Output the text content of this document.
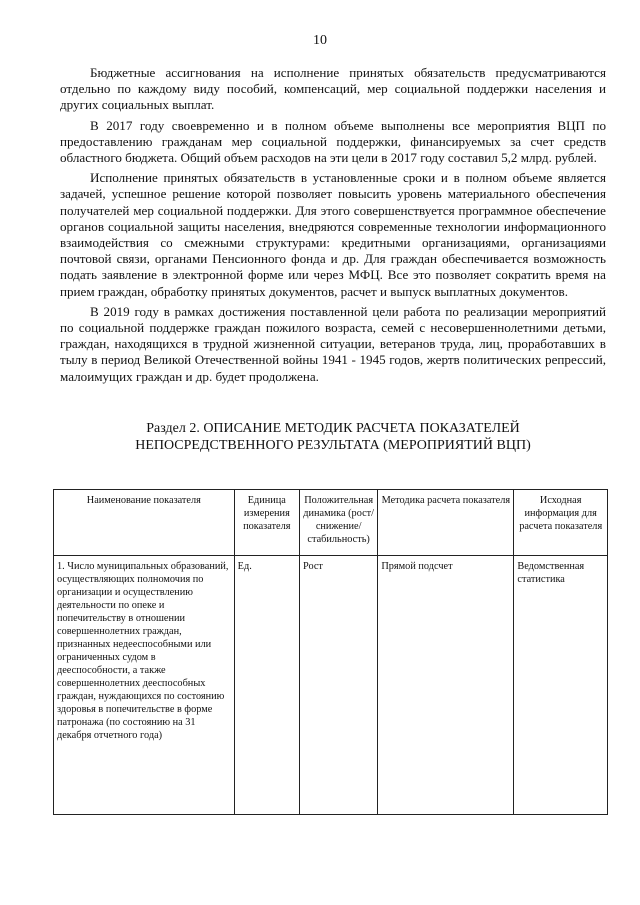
10

Бюджетные ассигнования на исполнение принятых обязательств предусматриваются отдельно по каждому виду пособий, компенсаций, мер социальной поддержки населения и других социальных выплат.

В 2017 году своевременно и в полном объеме выполнены все мероприятия ВЦП по предоставлению гражданам мер социальной поддержки, финансируемых за счет средств областного бюджета. Общий объем расходов на эти цели в 2017 году составил 5,2 млрд. рублей.

Исполнение принятых обязательств в установленные сроки и в полном объеме является задачей, успешное решение которой позволяет повысить уровень материального обеспечения получателей мер социальной поддержки. Для этого совершенствуется программное обеспечение органов социальной защиты населения, внедряются современные технологии информационного взаимодействия со смежными структурами: кредитными организациями, организациями почтовой связи, органами Пенсионного фонда и др. Для граждан обеспечивается возможность подать заявление в электронной форме или через МФЦ. Все это позволяет сократить время на прием граждан, обработку принятых документов, расчет и выпуск выплатных документов.

В 2019 году в рамках достижения поставленной цели работа по реализации мероприятий по социальной поддержке граждан пожилого возраста, семей с несовершеннолетними детьми, граждан, находящихся в трудной жизненной ситуации, ветеранов труда, лиц, проработавших в тылу в период Великой Отечественной войны 1941 - 1945 годов, жертв политических репрессий, малоимущих граждан и др. будет продолжена.

Раздел 2. ОПИСАНИЕ МЕТОДИК РАСЧЕТА ПОКАЗАТЕЛЕЙ
НЕПОСРЕДСТВЕННОГО РЕЗУЛЬТАТА (МЕРОПРИЯТИЙ ВЦП)
Наименование показателя	Единица измерения показателя	Положительная динамика (рост/снижение/стабильность)	Методика расчета показателя	Исходная информация для расчета показателя
1. Число муниципальных образований, осуществляющих полномочия по организации и осуществлению деятельности по опеке и попечительству в отношении совершеннолетних граждан, признанных недееспособными или ограниченных судом в дееспособности, а также совершеннолетних дееспособных граждан, нуждающихся по состоянию здоровья в попечительстве в форме патронажа (по состоянию на 31 декабря отчетного года)	Ед.	Рост	Прямой подсчет	Ведомственная статистика
